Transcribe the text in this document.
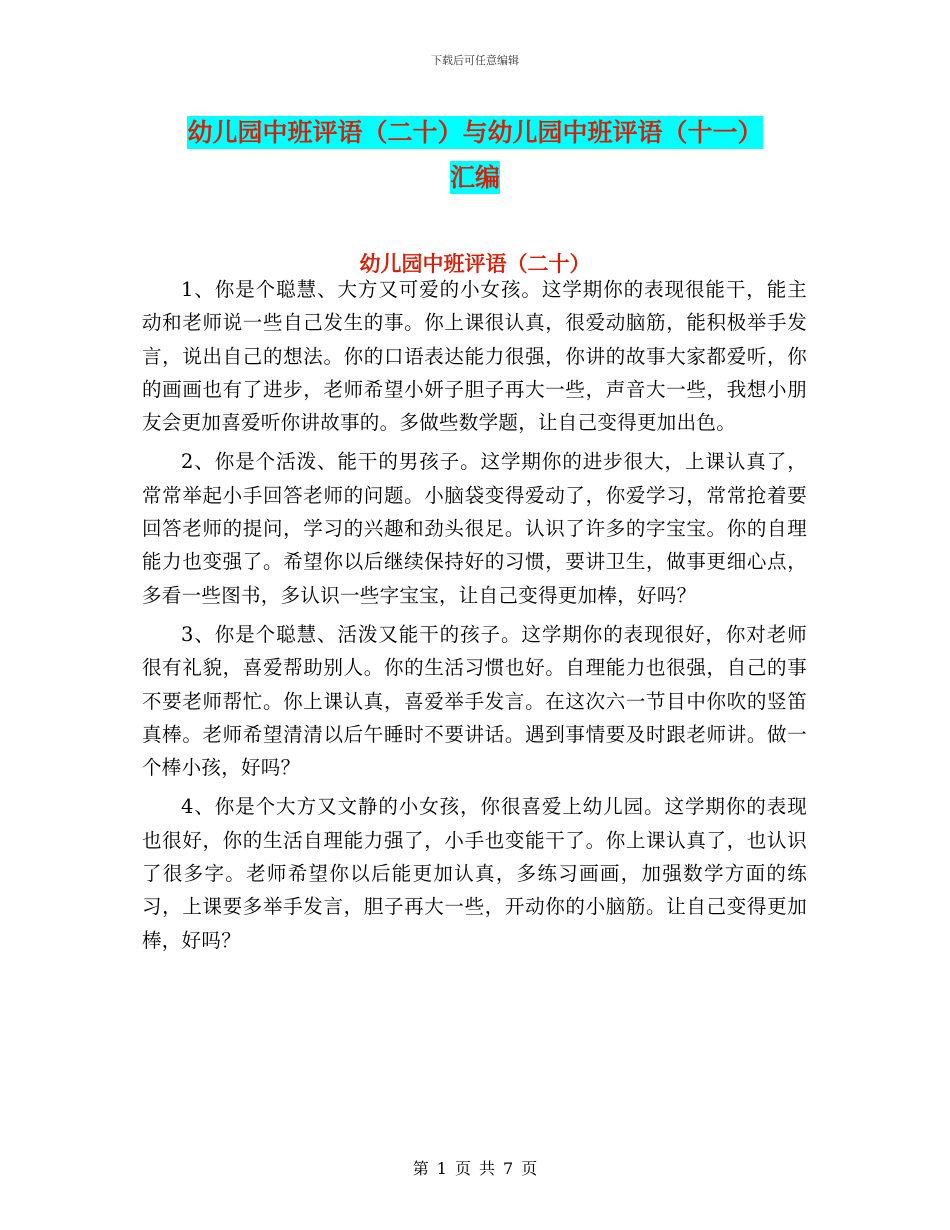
下载后可任意编辑
幼儿园中班评语（二十）与幼儿园中班评语（十一）
汇编
幼儿园中班评语（二十）

1、你是个聪慧、大方又可爱的小女孩。这学期你的表现很能干，能主动和老师说一些自己发生的事。你上课很认真，很爱动脑筋，能积极举手发言，说出自己的想法。你的口语表达能力很强，你讲的故事大家都爱听，你的画画也有了进步，老师希望小妍子胆子再大一些，声音大一些，我想小朋友会更加喜爱听你讲故事的。多做些数学题，让自己变得更加出色。

2、你是个活泼、能干的男孩子。这学期你的进步很大，上课认真了，常常举起小手回答老师的问题。小脑袋变得爱动了，你爱学习，常常抢着要回答老师的提问，学习的兴趣和劲头很足。认识了许多的字宝宝。你的自理能力也变强了。希望你以后继续保持好的习惯，要讲卫生，做事更细心点，多看一些图书，多认识一些字宝宝，让自己变得更加棒，好吗？

3、你是个聪慧、活泼又能干的孩子。这学期你的表现很好，你对老师很有礼貌，喜爱帮助别人。你的生活习惯也好。自理能力也很强，自己的事不要老师帮忙。你上课认真，喜爱举手发言。在这次六一节目中你吹的竖笛真棒。老师希望清清以后午睡时不要讲话。遇到事情要及时跟老师讲。做一个棒小孩，好吗？

4、你是个大方又文静的小女孩，你很喜爱上幼儿园。这学期你的表现也很好，你的生活自理能力强了，小手也变能干了。你上课认真了，也认识了很多字。老师希望你以后能更加认真，多练习画画，加强数学方面的练习，上课要多举手发言，胆子再大一些，开动你的小脑筋。让自己变得更加棒，好吗？

第 1 页 共 7 页
